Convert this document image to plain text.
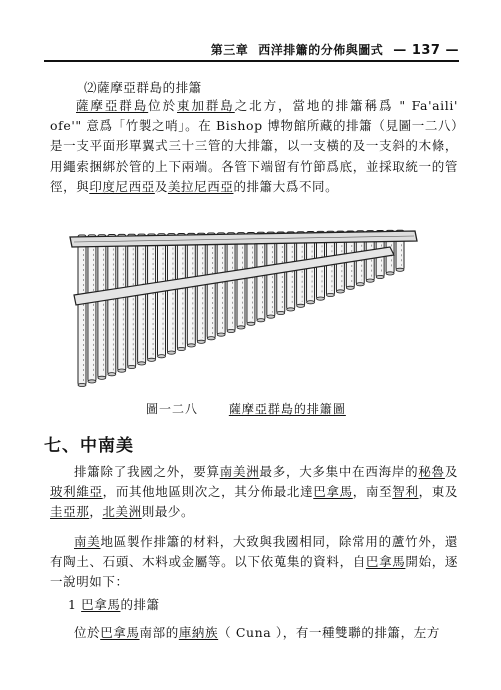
第三章 西洋排簫的分佈與圖式 — 137 —
⑵薩摩亞群島的排簫
薩摩亞群島位於東加群島之北方，當地的排簫稱爲 " Fa'aili' ofe'" 意爲「竹製之哨」。在 Bishop 博物館所藏的排簫（見圖一二八）是一支平面形單翼式三十三管的大排簫，以一支橫的及一支斜的木條，用繩索捆綁於管的上下兩端。各管下端留有竹節爲底，並採取統一的管徑，與印度尼西亞及美拉尼西亞的排簫大爲不同。
圖一二八	薩摩亞群島的排簫圖
七、中南美
排簫除了我國之外，要算南美洲最多，大多集中在西海岸的秘魯及玻利維亞，而其他地區則次之，其分佈最北達巴拿馬，南至智利，東及圭亞那，北美洲則最少。
南美地區製作排簫的材料，大致與我國相同，除常用的蘆竹外，還有陶土、石頭、木料或金屬等。以下依蒐集的資料，自巴拿馬開始，逐一說明如下：
1 巴拿馬的排簫
位於巴拿馬南部的庫納族（ Cuna ），有一種雙聯的排簫，左方
